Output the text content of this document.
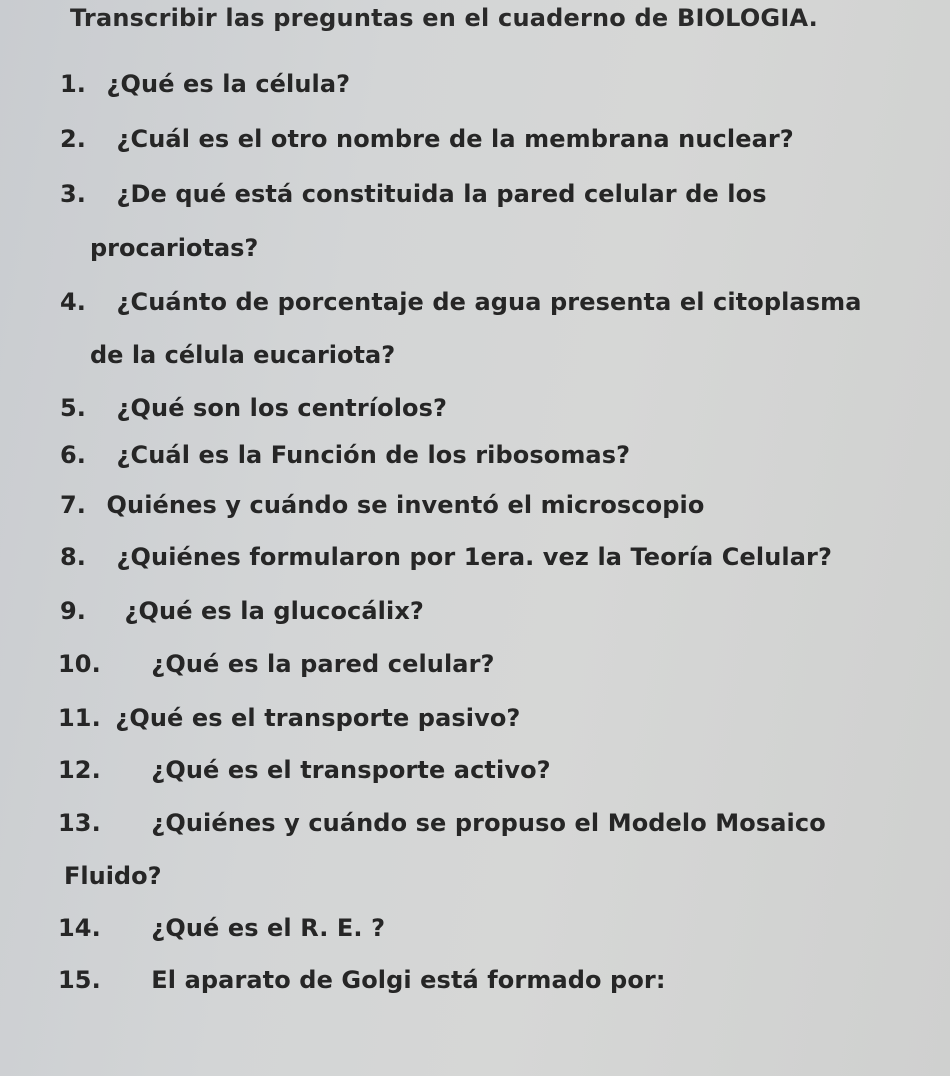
Transcribir las preguntas en el cuaderno de BIOLOGIA.
1. ¿Qué es la célula?
2. ¿Cuál es el otro nombre de la membrana nuclear?
3. ¿De qué está constituida la pared celular de los
procariotas?
4. ¿Cuánto de porcentaje de agua presenta el citoplasma
de la célula eucariota?
5. ¿Qué son los centríolos?
6. ¿Cuál es la Función de los ribosomas?
7. Quiénes y cuándo se inventó el microscopio
8. ¿Quiénes formularon por 1era. vez la Teoría Celular?
9. ¿Qué es la glucocálix?
10. ¿Qué es la pared celular?
11. ¿Qué es el transporte pasivo?
12. ¿Qué es el transporte activo?
13. ¿Quiénes y cuándo se propuso el Modelo Mosaico
Fluido?
14. ¿Qué es el R. E. ?
15. El aparato de Golgi está formado por:
